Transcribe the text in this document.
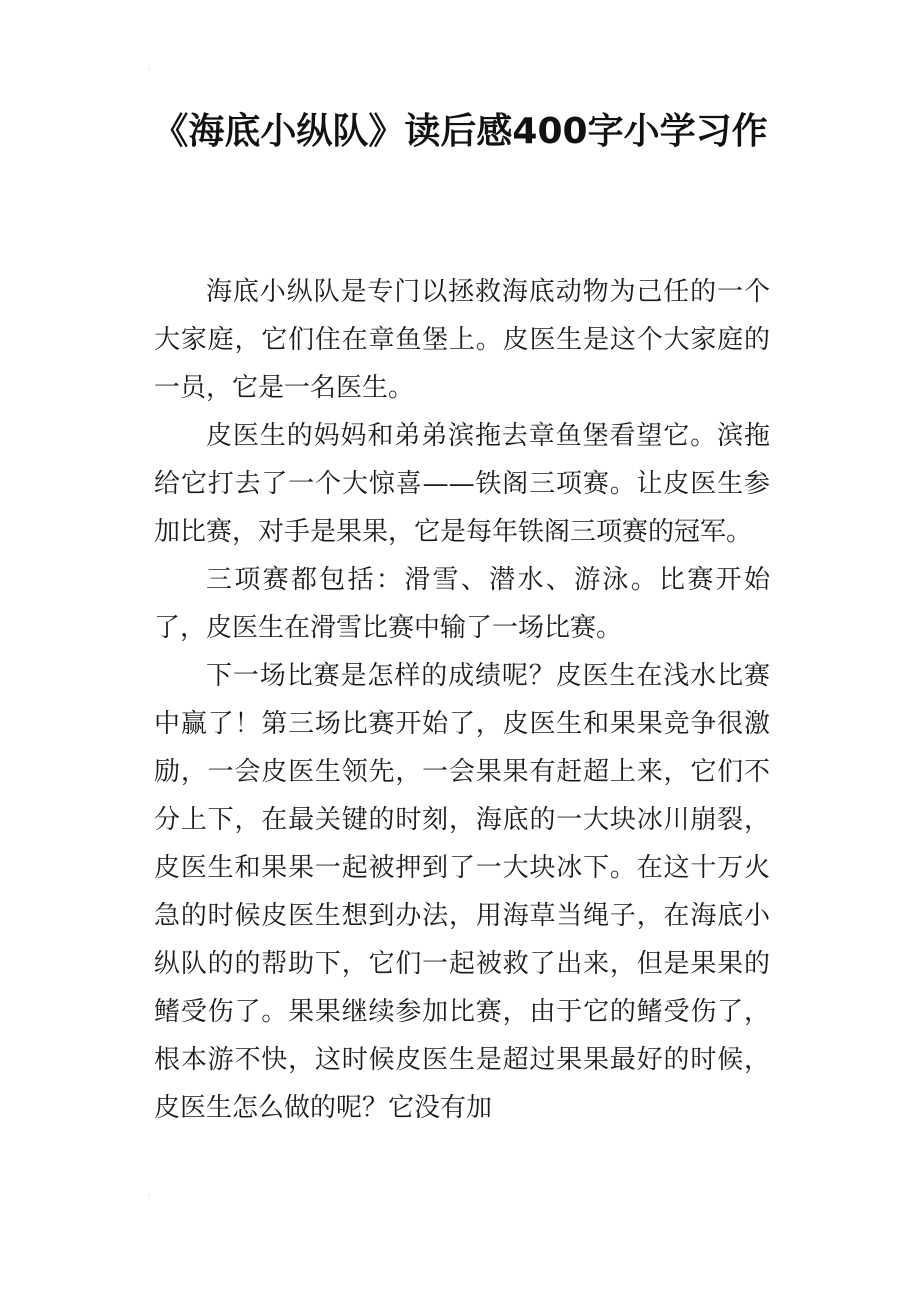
'
《海底小纵队》读后感400字小学习作

海底小纵队是专门以拯救海底动物为己任的一个大家庭，它们住在章鱼堡上。皮医生是这个大家庭的一员，它是一名医生。

皮医生的妈妈和弟弟滨拖去章鱼堡看望它。滨拖给它打去了一个大惊喜——铁阁三项赛。让皮医生参加比赛，对手是果果，它是每年铁阁三项赛的冠军。

三项赛都包括：滑雪、潜水、游泳。比赛开始了，皮医生在滑雪比赛中输了一场比赛。

下一场比赛是怎样的成绩呢？皮医生在浅水比赛中赢了！第三场比赛开始了，皮医生和果果竞争很激励，一会皮医生领先，一会果果有赶超上来，它们不分上下，在最关键的时刻，海底的一大块冰川崩裂，皮医生和果果一起被押到了一大块冰下。在这十万火急的时候皮医生想到办法，用海草当绳子，在海底小纵队的的帮助下，它们一起被救了出来，但是果果的鳍受伤了。果果继续参加比赛，由于它的鳍受伤了，根本游不快，这时候皮医生是超过果果最好的时候，皮医生怎么做的呢？它没有加

'
